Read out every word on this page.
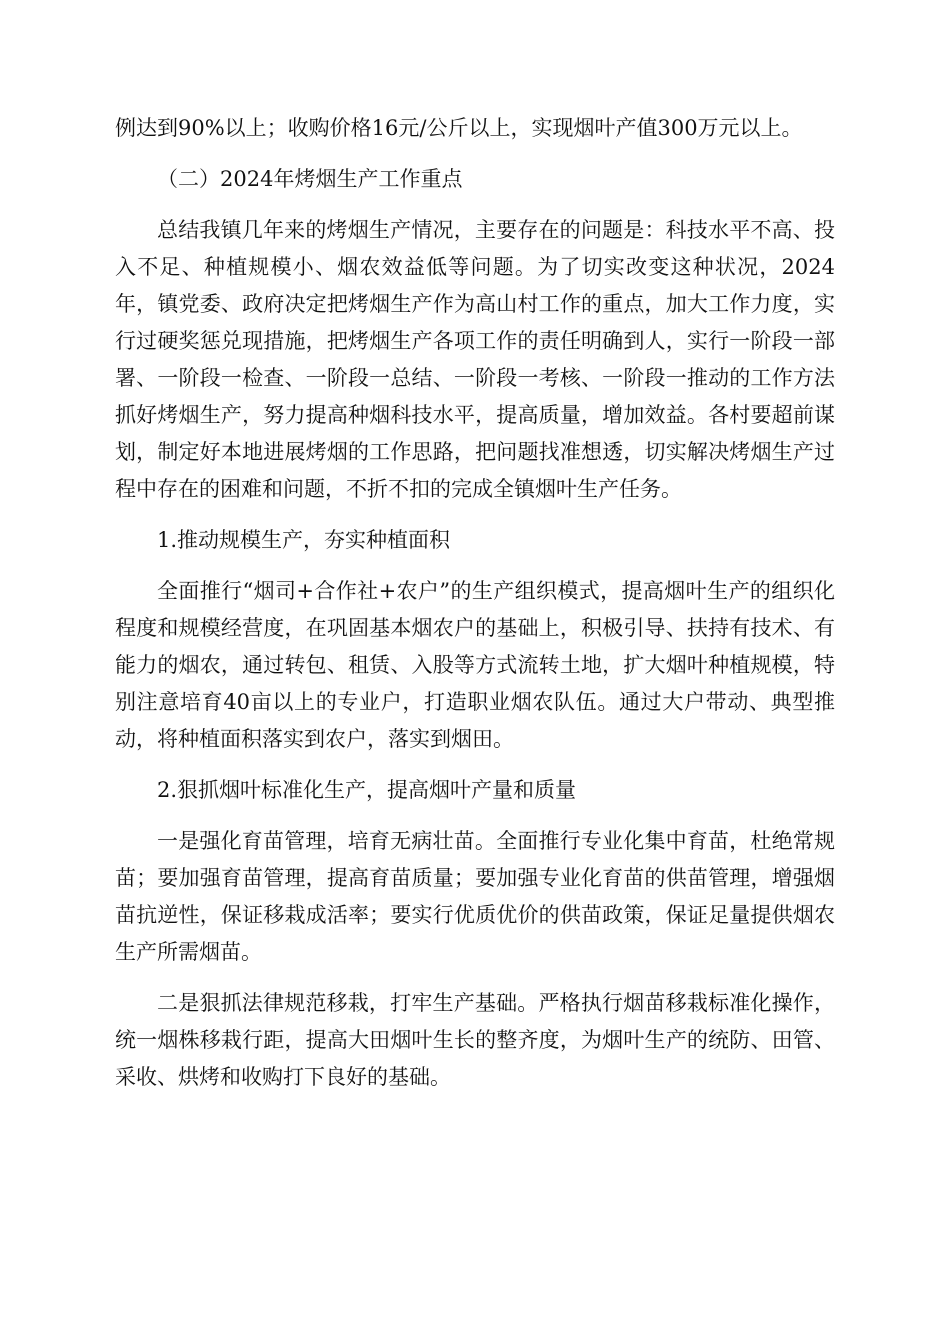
例达到90%以上；收购价格16元/公斤以上，实现烟叶产值300万元以上。

（二）2024年烤烟生产工作重点

总结我镇几年来的烤烟生产情况，主要存在的问题是：科技水平不高、投入不足、种植规模小、烟农效益低等问题。为了切实改变这种状况，2024年，镇党委、政府决定把烤烟生产作为高山村工作的重点，加大工作力度，实行过硬奖惩兑现措施，把烤烟生产各项工作的责任明确到人，实行一阶段一部署、一阶段一检查、一阶段一总结、一阶段一考核、一阶段一推动的工作方法抓好烤烟生产，努力提高种烟科技水平，提高质量，增加效益。各村要超前谋划，制定好本地进展烤烟的工作思路，把问题找准想透，切实解决烤烟生产过程中存在的困难和问题，不折不扣的完成全镇烟叶生产任务。

1.推动规模生产，夯实种植面积

全面推行“烟司+合作社+农户”的生产组织模式，提高烟叶生产的组织化程度和规模经营度，在巩固基本烟农户的基础上，积极引导、扶持有技术、有能力的烟农，通过转包、租赁、入股等方式流转土地，扩大烟叶种植规模，特别注意培育40亩以上的专业户，打造职业烟农队伍。通过大户带动、典型推动，将种植面积落实到农户，落实到烟田。

2.狠抓烟叶标准化生产，提高烟叶产量和质量

一是强化育苗管理，培育无病壮苗。全面推行专业化集中育苗，杜绝常规苗；要加强育苗管理，提高育苗质量；要加强专业化育苗的供苗管理，增强烟苗抗逆性，保证移栽成活率；要实行优质优价的供苗政策，保证足量提供烟农生产所需烟苗。

二是狠抓法律规范移栽，打牢生产基础。严格执行烟苗移栽标准化操作，统一烟株移栽行距，提高大田烟叶生长的整齐度，为烟叶生产的统防、田管、采收、烘烤和收购打下良好的基础。
